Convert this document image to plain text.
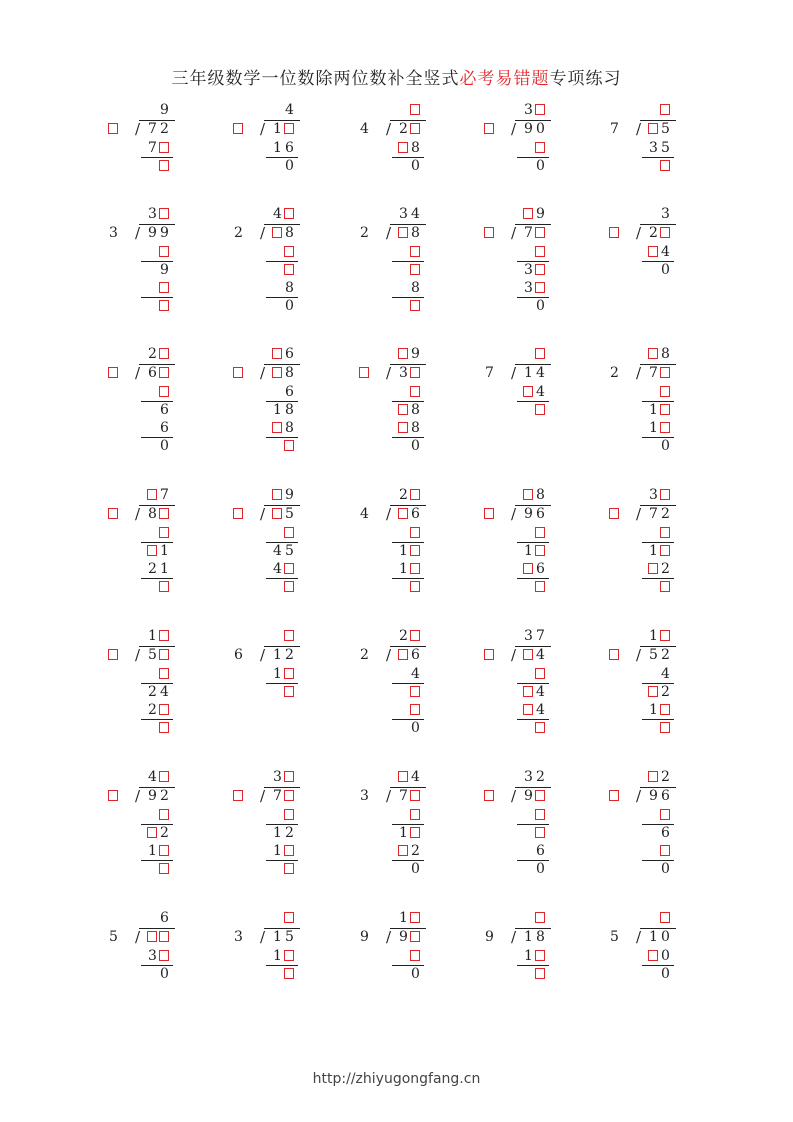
三年级数学一位数除两位数补全竖式必考易错题专项练习
9
/ 7 2
7
4
/ 1
1 6
0
4 / 2
8
0
3
/ 9 0
0
7 / 5
3 5
3
3 / 9 9
9
4
2 / 8
8
0
3 4
2 / 8
8
9
/ 7
3
3
0
3
/ 2
4
0
2
/ 6
6
6
0
6
/ 8
6
1 8
8
9
/ 3
8
8
0
7 / 1 4
4
8
2 / 7
1
1
0
7
/ 8
1
2 1
9
/ 5
4 5
4
2
4 / 6
1
1
8
/ 9 6
1
6
3
/ 7 2
1
2
1
/ 5
2 4
2
6 / 1 2
1
2
2 / 6
4
0
3 7
/ 4
4
4
1
/ 5 2
4
2
1
4
/ 9 2
2
1
3
/ 7
1 2
1
4
3 / 7
1
2
0
3 2
/ 9
6
0
2
/ 9 6
6
0
6
5 /
3
0
3 / 1 5
1
1
9 / 9
0
9 / 1 8
1
5 / 1 0
0
0
http://zhiyugongfang.cn
